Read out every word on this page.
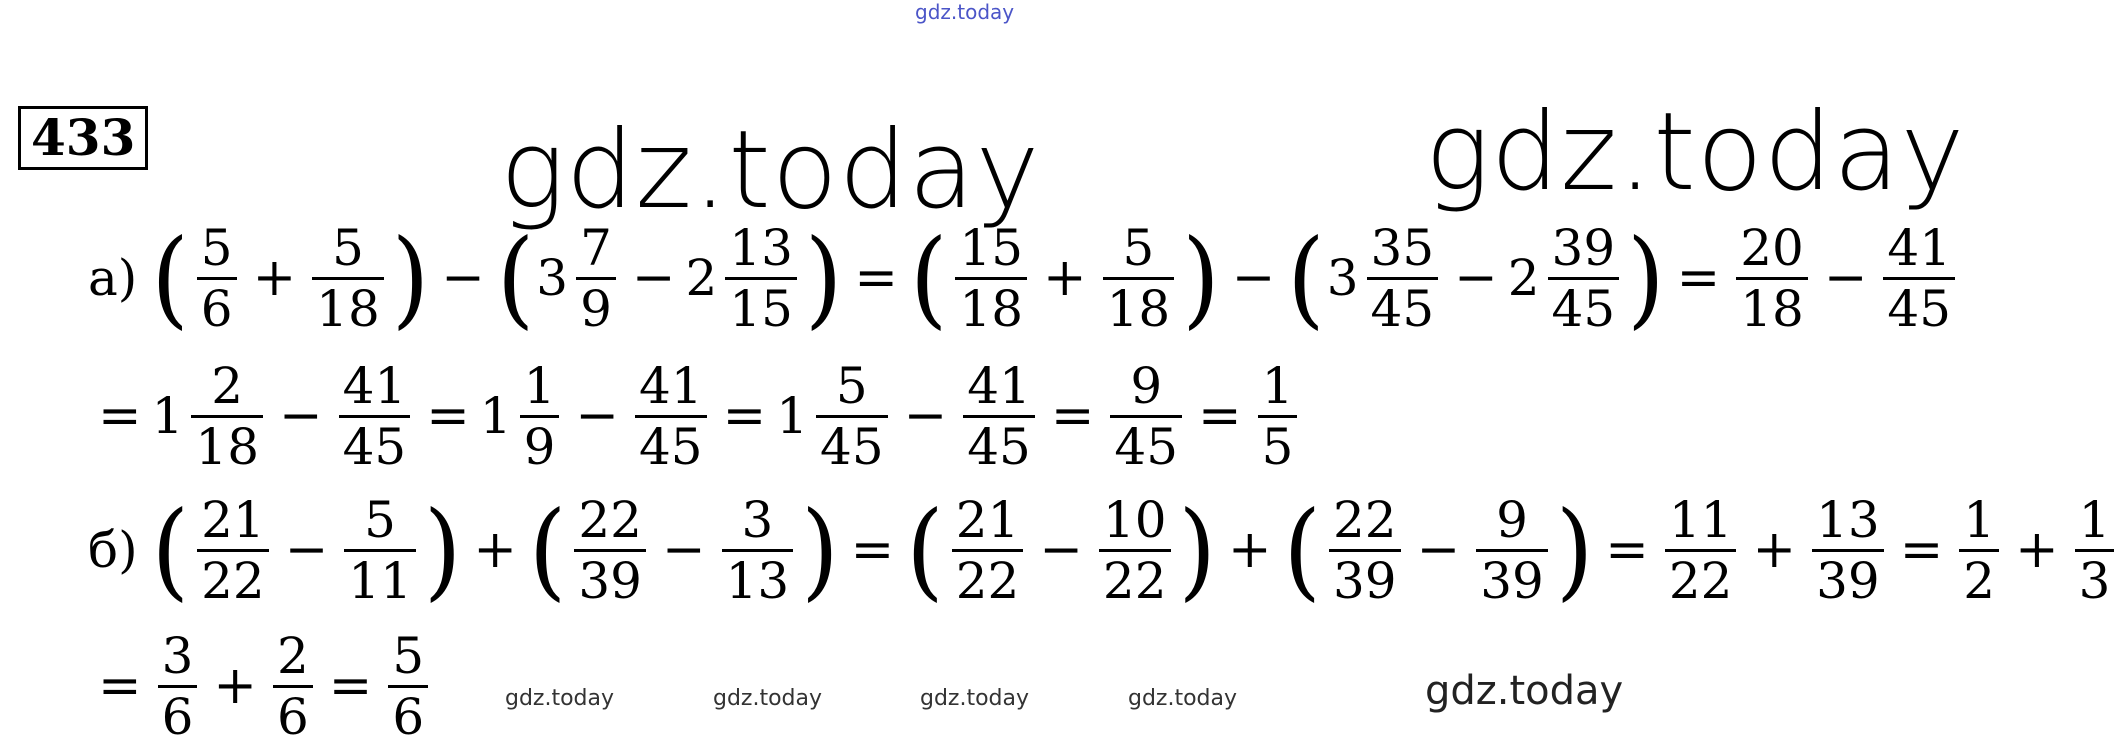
gdz.today
gdz.today	gdz.today
gdz.today	gdz.today	gdz.today	gdz.today	gdz.today
433
а) ( $\frac{5}{6} + \frac{5}{18}$ ) − ( $3 \frac{7}{9} - 2 \frac{13}{15}$ ) = ( $\frac{15}{18} + \frac{5}{18}$ ) − ( $3 \frac{35}{45} - 2 \frac{39}{45}$ ) = $\frac{20}{18} - \frac{41}{45}$
= $1 \frac{2}{18} - \frac{41}{45} = 1 \frac{1}{9} - \frac{41}{45} = 1 \frac{5}{45} - \frac{41}{45} = \frac{9}{45} = \frac{1}{5}$
б) ( $\frac{21}{22} - \frac{5}{11}$ ) + ( $\frac{22}{39} - \frac{3}{13}$ ) = ( $\frac{21}{22} - \frac{10}{22}$ ) + ( $\frac{22}{39} - \frac{9}{39}$ ) = $\frac{11}{22} + \frac{13}{39} = \frac{1}{2} + \frac{1}{3}$
= $\frac{3}{6} + \frac{2}{6} = \frac{5}{6}$
